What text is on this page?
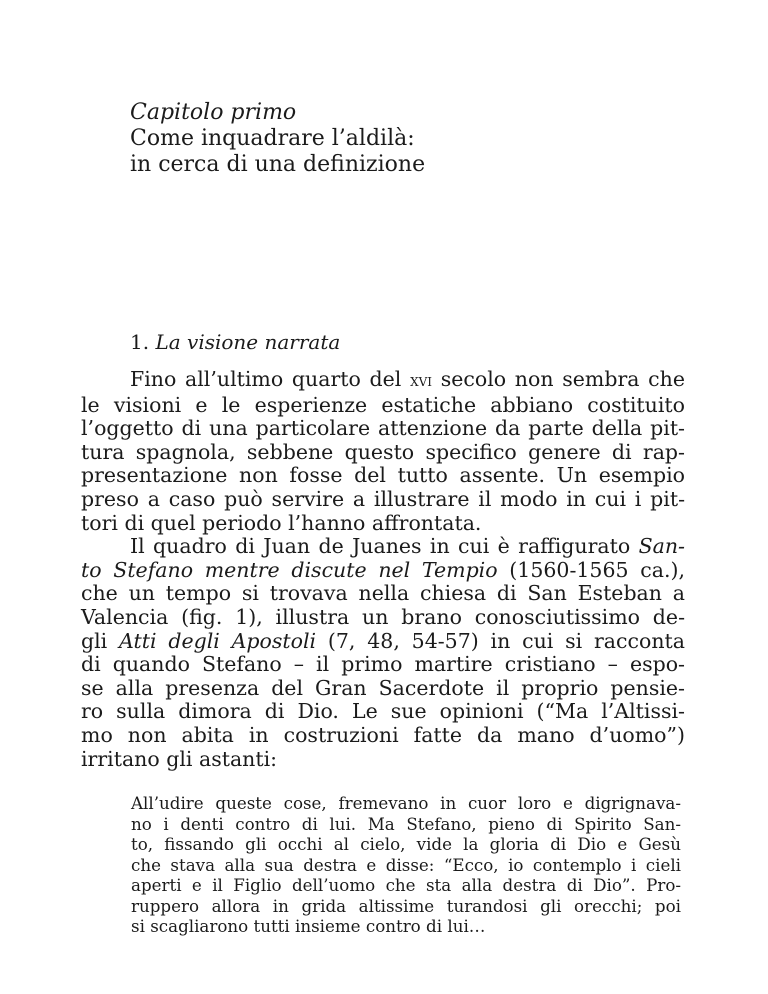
Capitolo primo
Come inquadrare l’aldilà:
in cerca di una definizione
1. La visione narrata
Fino all’ultimo quarto del xvi secolo non sembra che
le visioni e le esperienze estatiche abbiano costituito
l’oggetto di una particolare attenzione da parte della pit-
tura spagnola, sebbene questo specifico genere di rap-
presentazione non fosse del tutto assente. Un esempio
preso a caso può servire a illustrare il modo in cui i pit-
tori di quel periodo l’hanno affrontata.
Il quadro di Juan de Juanes in cui è raffigurato San-
to Stefano mentre discute nel Tempio (1560-1565 ca.),
che un tempo si trovava nella chiesa di San Esteban a
Valencia (fig. 1), illustra un brano conosciutissimo de-
gli Atti degli Apostoli (7, 48, 54-57) in cui si racconta
di quando Stefano – il primo martire cristiano – espo-
se alla presenza del Gran Sacerdote il proprio pensie-
ro sulla dimora di Dio. Le sue opinioni (“Ma l’Altissi-
mo non abita in costruzioni fatte da mano d’uomo”)
irritano gli astanti:
All’udire queste cose, fremevano in cuor loro e digrignava-
no i denti contro di lui. Ma Stefano, pieno di Spirito San-
to, fissando gli occhi al cielo, vide la gloria di Dio e Gesù
che stava alla sua destra e disse: “Ecco, io contemplo i cieli
aperti e il Figlio dell’uomo che sta alla destra di Dio”. Pro-
ruppero allora in grida altissime turandosi gli orecchi; poi
si scagliarono tutti insieme contro di lui…
